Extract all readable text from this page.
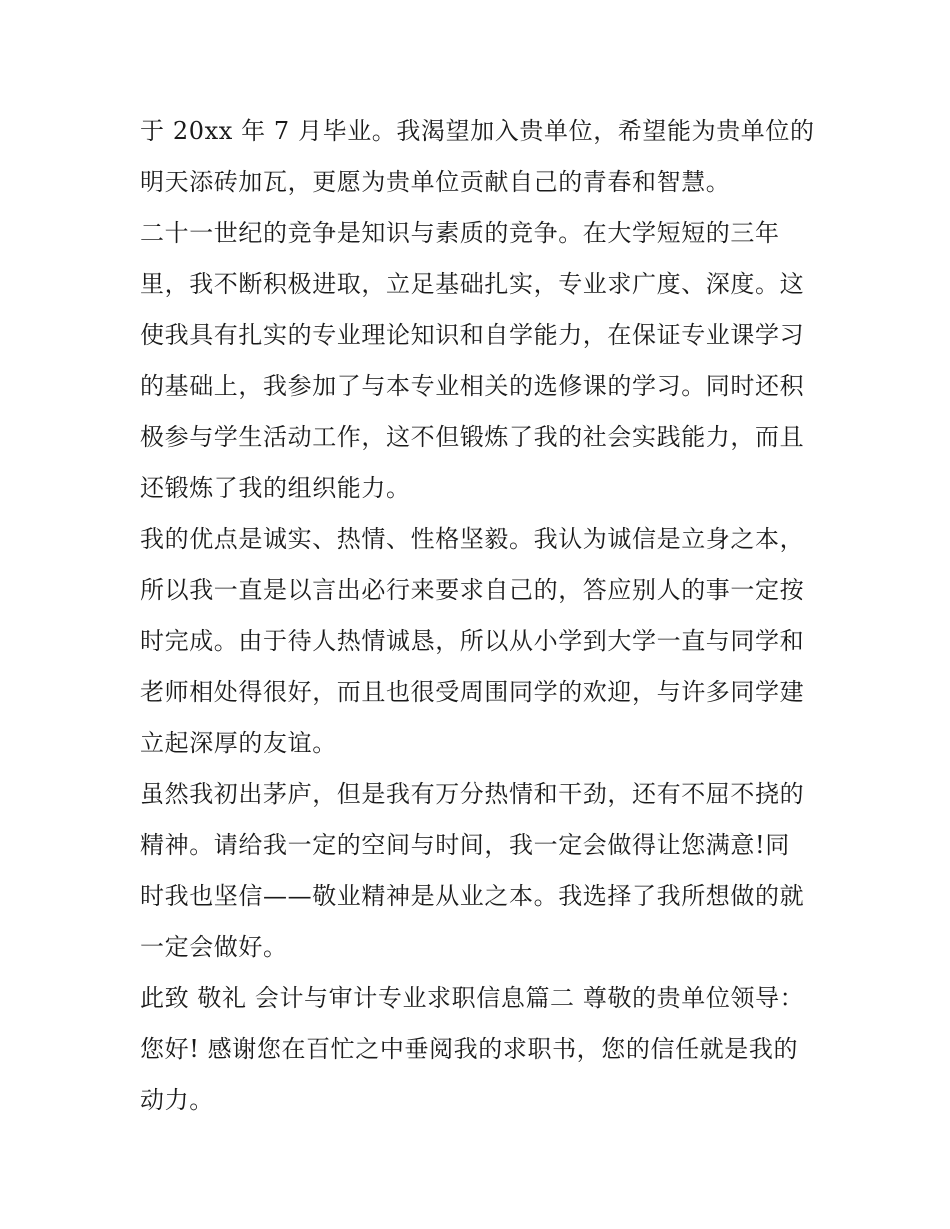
于 20xx 年 7 月毕业。我渴望加入贵单位，希望能为贵单位的

明天添砖加瓦，更愿为贵单位贡献自己的青春和智慧。

二十一世纪的竞争是知识与素质的竞争。在大学短短的三年

里，我不断积极进取，立足基础扎实，专业求广度、深度。这

使我具有扎实的专业理论知识和自学能力，在保证专业课学习

的基础上，我参加了与本专业相关的选修课的学习。同时还积

极参与学生活动工作，这不但锻炼了我的社会实践能力，而且

还锻炼了我的组织能力。

我的优点是诚实、热情、性格坚毅。我认为诚信是立身之本，

所以我一直是以言出必行来要求自己的，答应别人的事一定按

时完成。由于待人热情诚恳，所以从小学到大学一直与同学和

老师相处得很好，而且也很受周围同学的欢迎，与许多同学建

立起深厚的友谊。

虽然我初出茅庐，但是我有万分热情和干劲，还有不屈不挠的

精神。请给我一定的空间与时间，我一定会做得让您满意!同

时我也坚信——敬业精神是从业之本。我选择了我所想做的就

一定会做好。

此致 敬礼 会计与审计专业求职信息篇二 尊敬的贵单位领导：

您好! 感谢您在百忙之中垂阅我的求职书，您的信任就是我的

动力。
